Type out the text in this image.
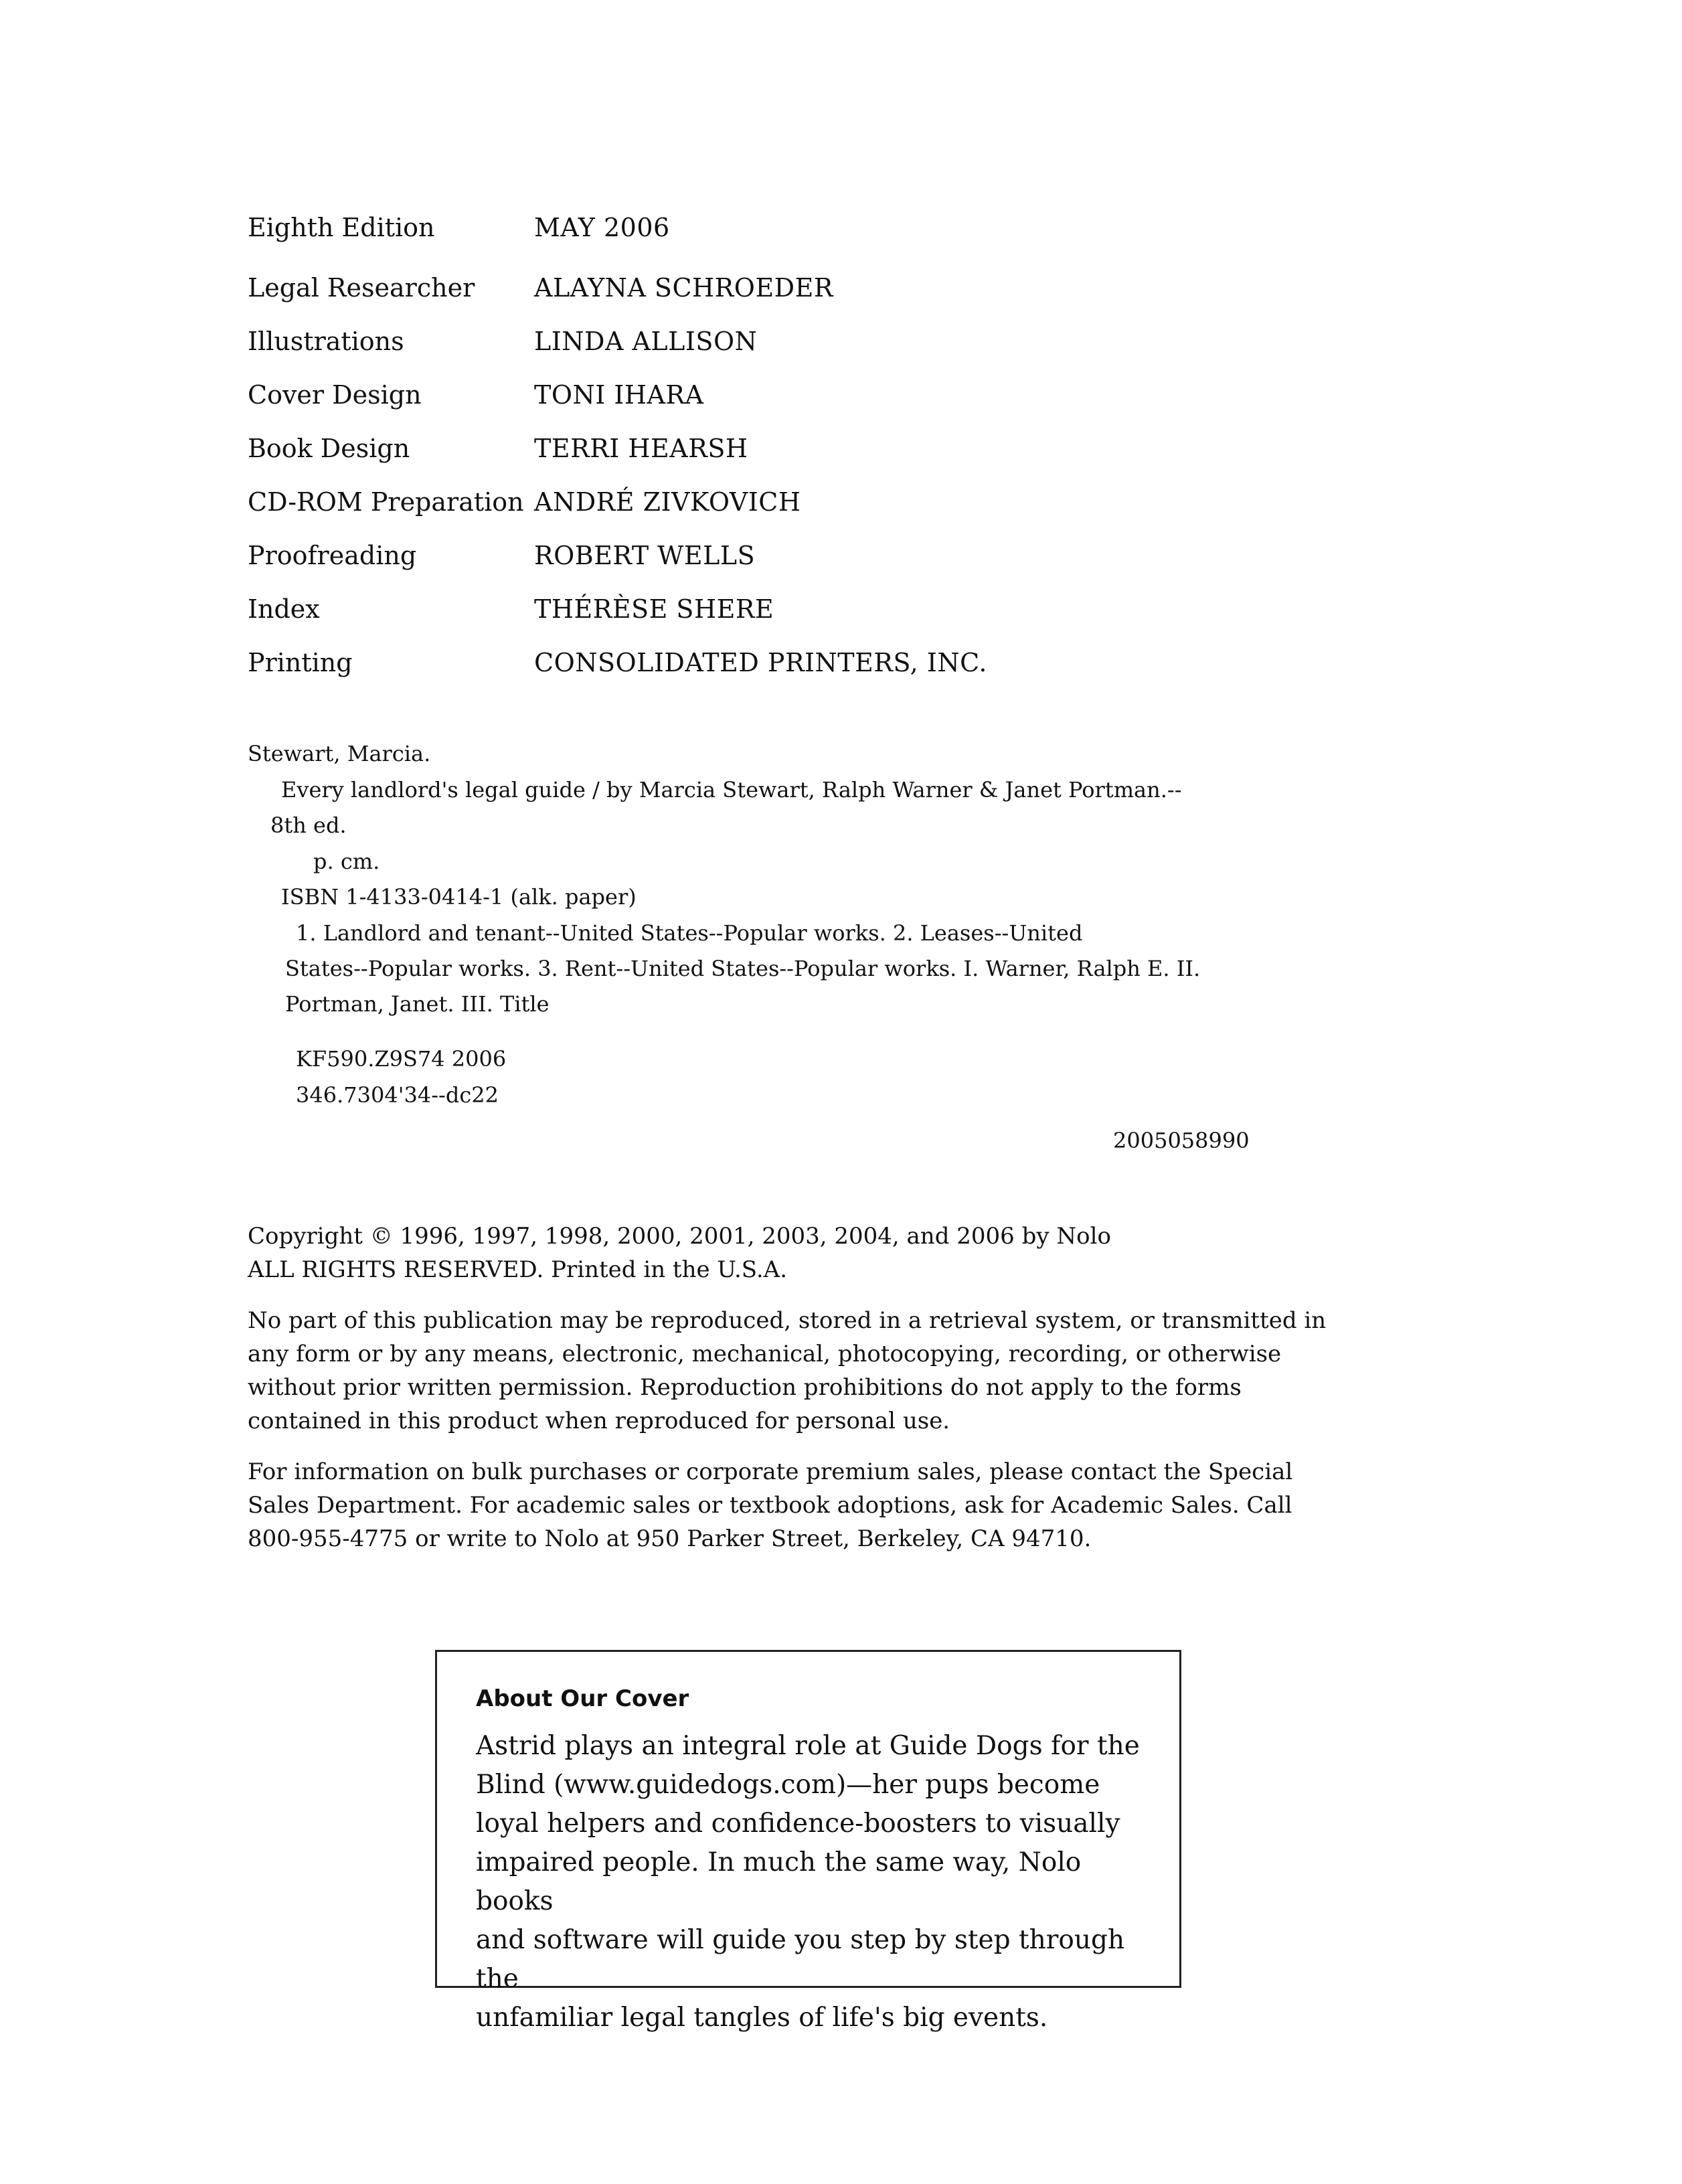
Eighth Edition	MAY 2006
Legal Researcher	ALAYNA SCHROEDER
Illustrations	LINDA ALLISON
Cover Design	TONI IHARA
Book Design	TERRI HEARSH
CD-ROM Preparation ANDRÉ ZIVKOVICH
Proofreading	ROBERT WELLS
Index	THÉRÈSE SHERE
Printing	CONSOLIDATED PRINTERS, INC.
Stewart, Marcia.
Every landlord's legal guide / by Marcia Stewart, Ralph Warner & Janet Portman.--
8th ed.
p. cm.
ISBN 1-4133-0414-1 (alk. paper)
1. Landlord and tenant--United States--Popular works. 2. Leases--United
States--Popular works. 3. Rent--United States--Popular works. I. Warner, Ralph E. II.
Portman, Janet. III. Title
KF590.Z9S74 2006
346.7304'34--dc22
2005058990

Copyright © 1996, 1997, 1998, 2000, 2001, 2003, 2004, and 2006 by Nolo
ALL RIGHTS RESERVED. Printed in the U.S.A.

No part of this publication may be reproduced, stored in a retrieval system, or transmitted in any form or by any means, electronic, mechanical, photocopying, recording, or otherwise without prior written permission. Reproduction prohibitions do not apply to the forms contained in this product when reproduced for personal use.

For information on bulk purchases or corporate premium sales, please contact the Special Sales Department. For academic sales or textbook adoptions, ask for Academic Sales. Call 800-955-4775 or write to Nolo at 950 Parker Street, Berkeley, CA 94710.

About Our Cover

Astrid plays an integral role at Guide Dogs for the
Blind (www.guidedogs.com)—her pups become
loyal helpers and confidence-boosters to visually
impaired people. In much the same way, Nolo books
and software will guide you step by step through the
unfamiliar legal tangles of life's big events.
